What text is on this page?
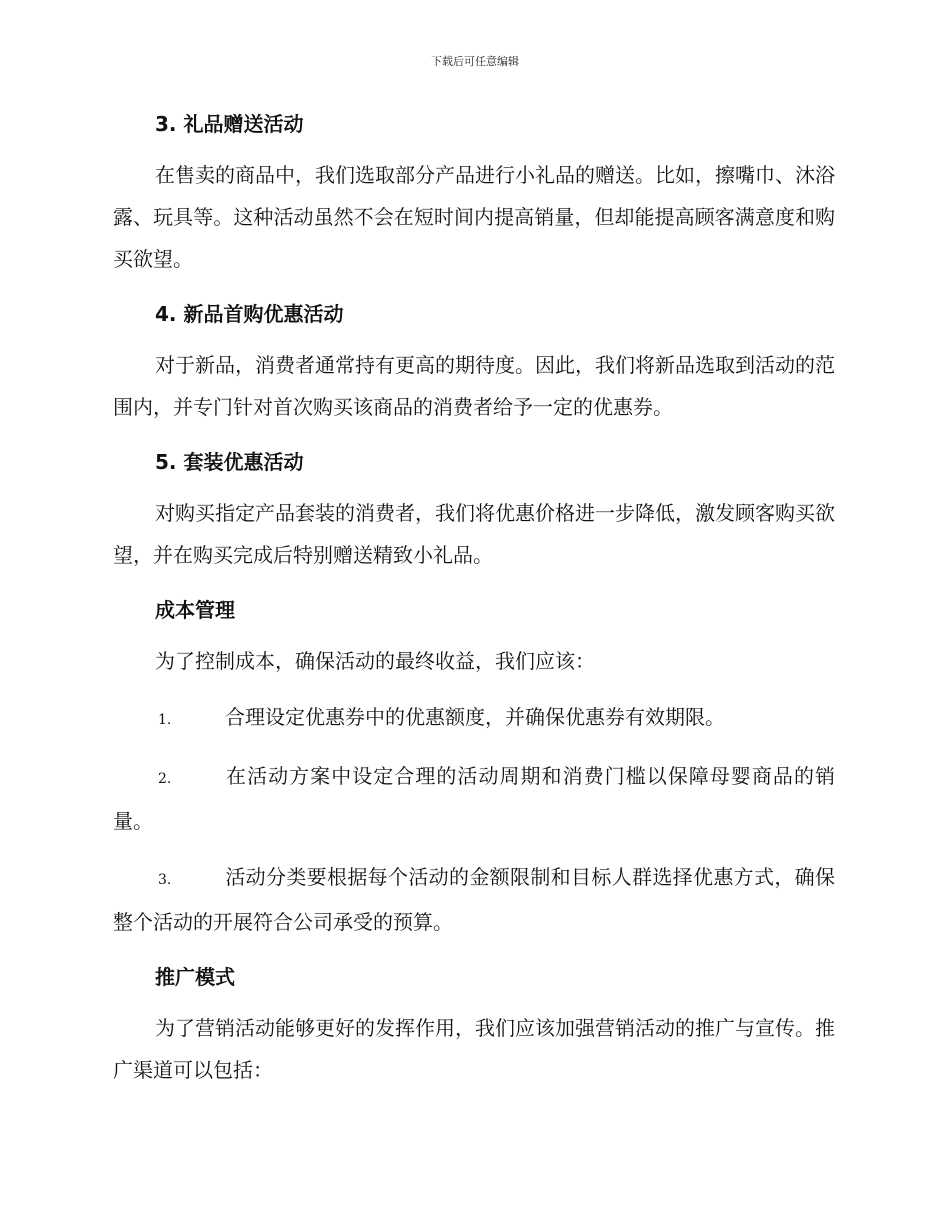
下载后可任意编辑
3. 礼品赠送活动

在售卖的商品中，我们选取部分产品进行小礼品的赠送。比如，擦嘴巾、沐浴露、玩具等。这种活动虽然不会在短时间内提高销量，但却能提高顾客满意度和购买欲望。

4. 新品首购优惠活动

对于新品，消费者通常持有更高的期待度。因此，我们将新品选取到活动的范围内，并专门针对首次购买该商品的消费者给予一定的优惠券。

5. 套装优惠活动

对购买指定产品套装的消费者，我们将优惠价格进一步降低，激发顾客购买欲望，并在购买完成后特别赠送精致小礼品。

成本管理

为了控制成本，确保活动的最终收益，我们应该：

1.	合理设定优惠券中的优惠额度，并确保优惠券有效期限。

2.	在活动方案中设定合理的活动周期和消费门槛以保障母婴商品的销量。

3.	活动分类要根据每个活动的金额限制和目标人群选择优惠方式，确保整个活动的开展符合公司承受的预算。

推广模式

为了营销活动能够更好的发挥作用，我们应该加强营销活动的推广与宣传。推广渠道可以包括：
